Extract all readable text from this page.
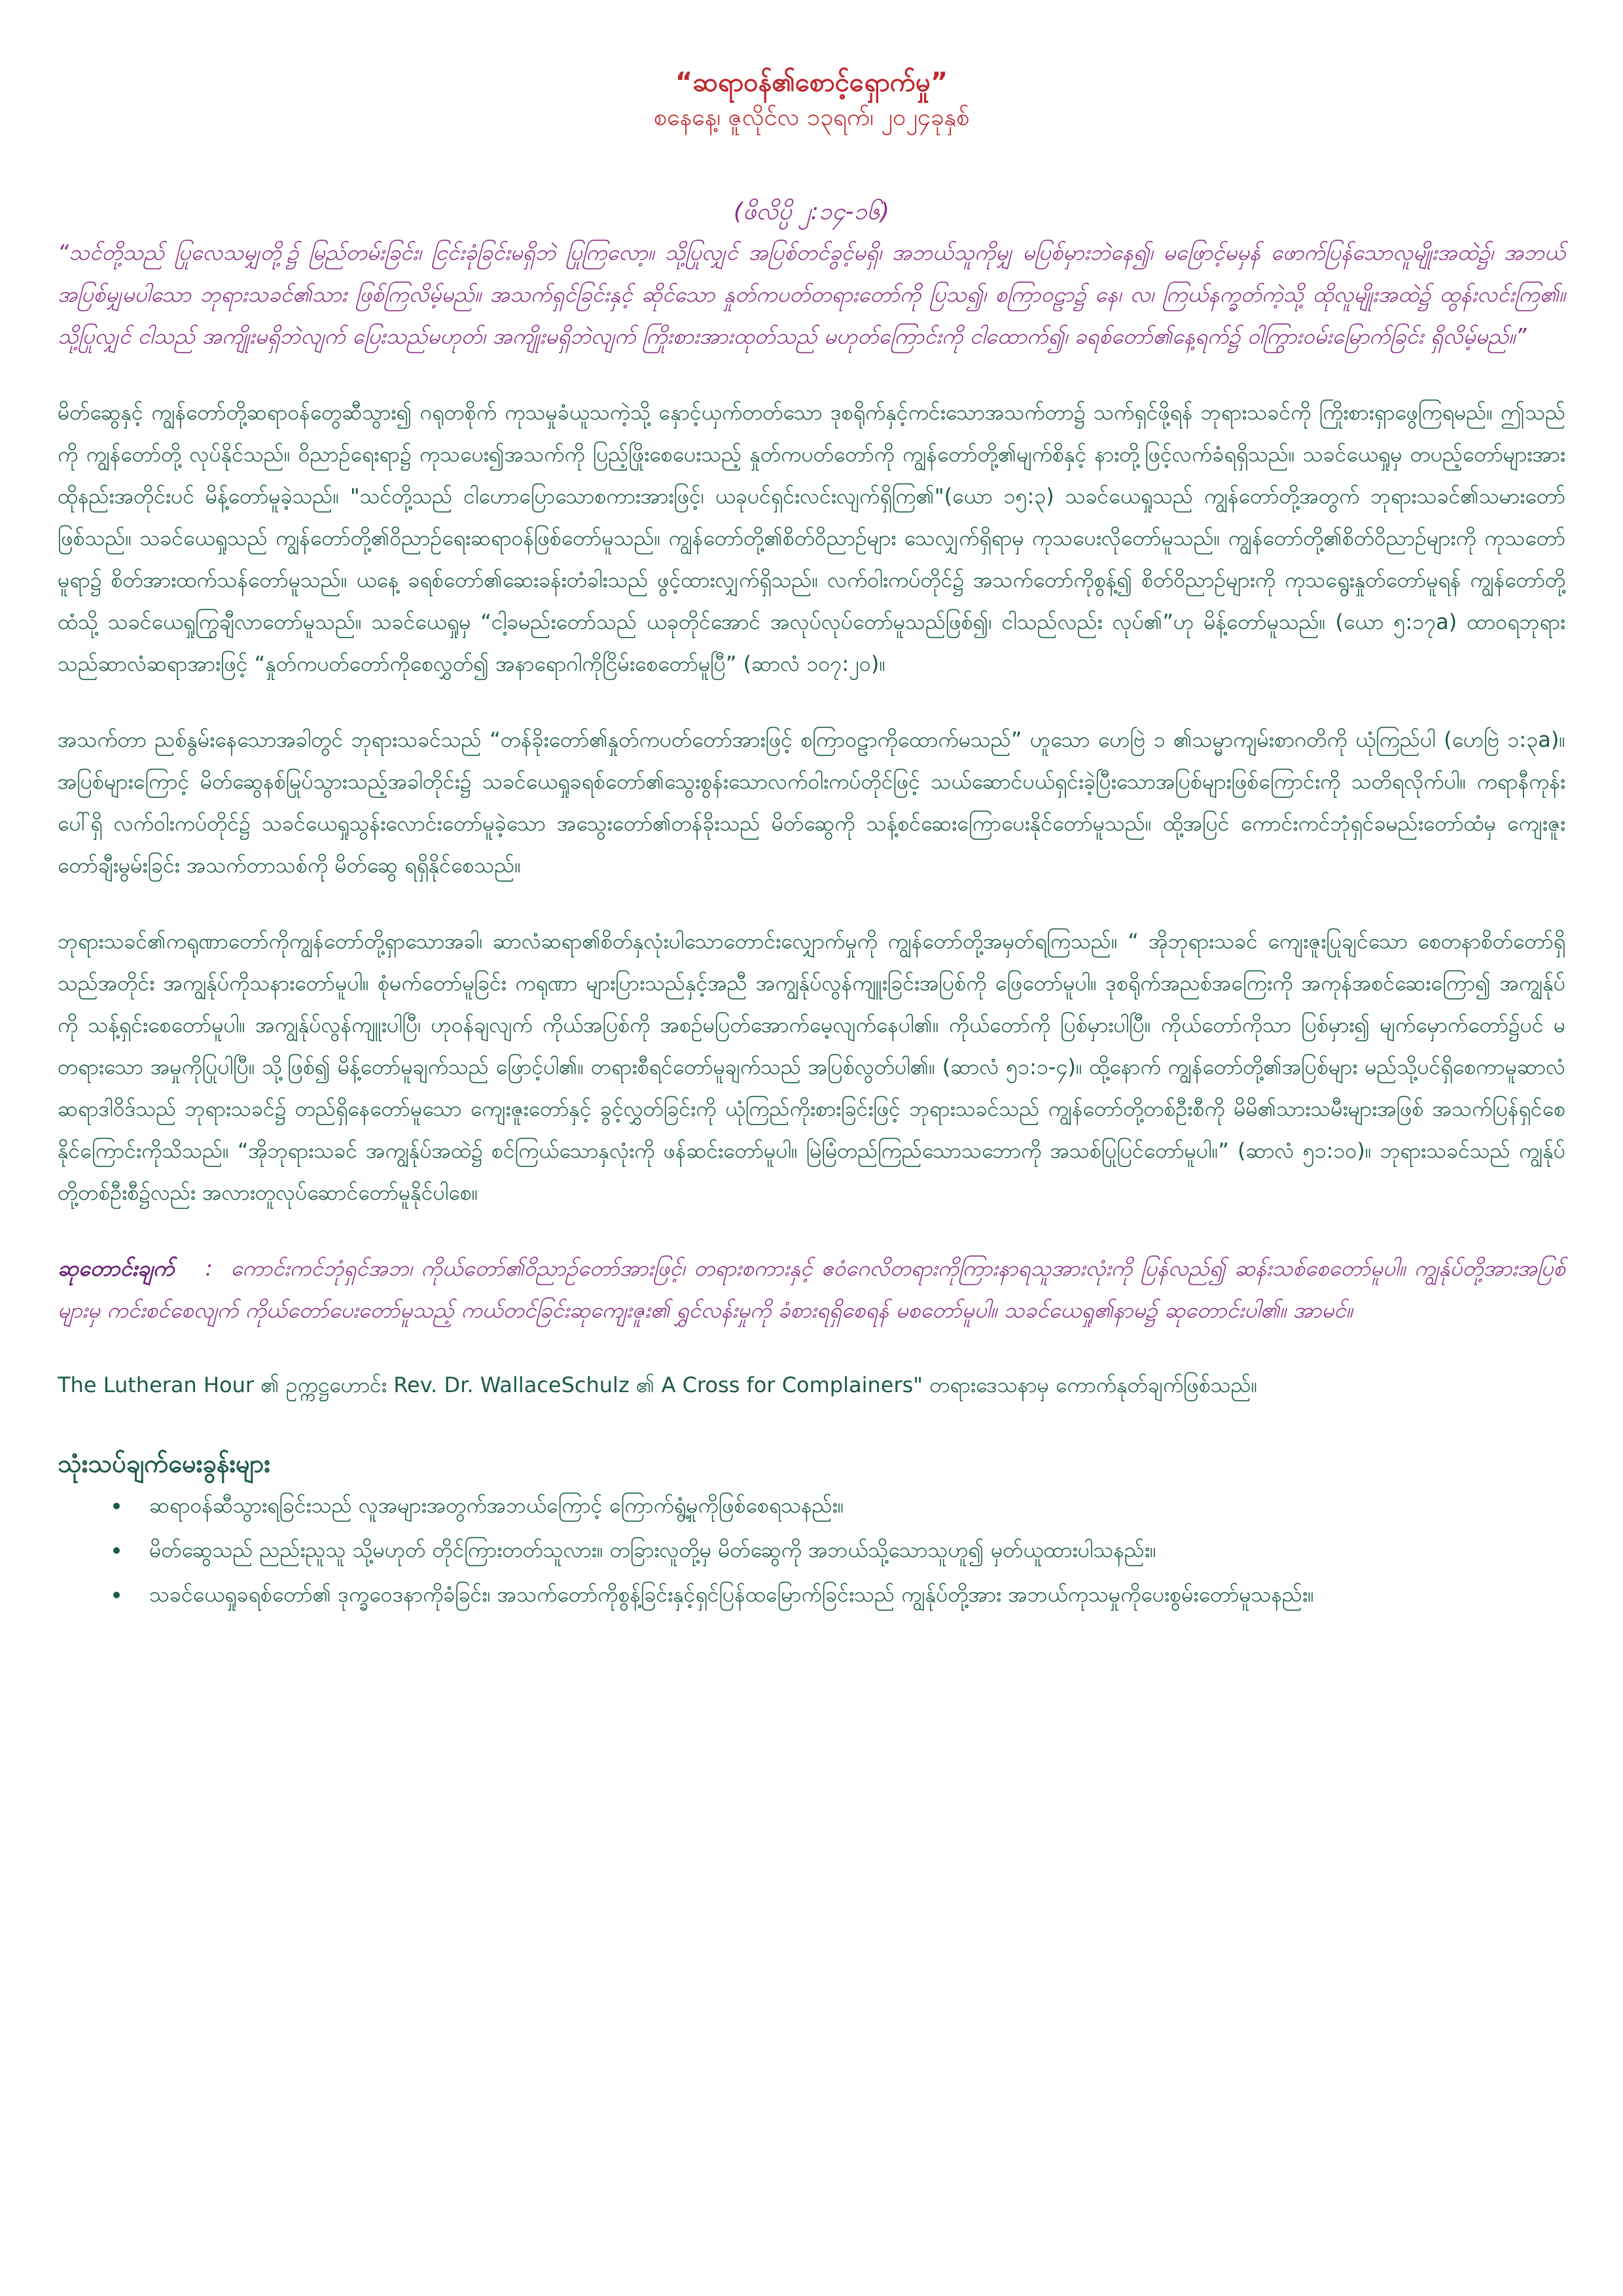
“ဆရာဝန်၏စောင့်ရှောက်မှု”

စနေနေ့၊ ဇူလိုင်လ ၁၃ရက်၊ ၂၀၂၄ခုနှစ်

(ဖိလိပ္ပိ ၂:၁၄-၁၆)

“သင်တို့သည် ပြုလေသမျှတို့၌ မြည်တမ်းခြင်း၊ ငြင်းခုံခြင်းမရှိဘဲ ပြုကြလော့။ သို့ပြုလျှင် အပြစ်တင်ခွင့်မရှိ၊ အဘယ်သူကိုမျှ မပြစ်မှားဘဲနေ၍၊ မဖြောင့်မမှန် ဖောက်ပြန်သောလူမျိုးအထဲ၌၊ အဘယ်အပြစ်မျှမပါသော ဘုရားသခင်၏သား ဖြစ်ကြလိမ့်မည်။ အသက်ရှင်ခြင်းနှင့် ဆိုင်သော နှုတ်ကပတ်တရားတော်ကို ပြသ၍၊ စကြာဝဠာ၌ နေ၊ လ၊ ကြယ်နက္ခတ်ကဲ့သို့ ထိုလူမျိုးအထဲ၌ ထွန်းလင်းကြ၏။ သို့ပြုလျှင် ငါသည် အကျိုးမရှိဘဲလျက် ပြေးသည်မဟုတ်၊ အကျိုးမရှိဘဲလျက် ကြိုးစားအားထုတ်သည် မဟုတ်ကြောင်းကို ငါထောက်၍၊ ခရစ်တော်၏နေ့ရက်၌ ဝါကြွားဝမ်းမြောက်ခြင်း ရှိလိမ့်မည်။”

မိတ်ဆွေနှင့် ကျွန်တော်တို့ဆရာဝန်တွေဆီသွား၍ ဂရုတစိုက် ကုသမှုခံယူသကဲ့သို့ နှောင့်ယှက်တတ်သော ဒုစရိုက်နှင့်ကင်းသောအသက်တာ၌ သက်ရှင်ဖို့ရန် ဘုရားသခင်ကို ကြိုးစားရှာဖွေကြရမည်။ ဤသည်ကို ကျွန်တော်တို့ လုပ်နိုင်သည်။ ဝိညာဉ်ရေးရာ၌ ကုသပေး၍အသက်ကို ပြည့်ဖြိုးစေပေးသည့် နှုတ်ကပတ်တော်ကို ကျွန်တော်တို့၏မျက်စိနှင့် နားတို့ဖြင့်လက်ခံရရှိသည်။ သခင်ယေရှုမှ တပည့်တော်များအား ထိုနည်းအတိုင်းပင် မိန့်တော်မူခဲ့သည်။ "သင်တို့သည် ငါဟောပြောသောစကားအားဖြင့်၊ ယခုပင်ရှင်းလင်းလျက်ရှိကြ၏"(ယော ၁၅:၃) သခင်ယေရှုသည် ကျွန်တော်တို့အတွက် ဘုရားသခင်၏သမားတော်ဖြစ်သည်။ သခင်ယေရှုသည် ကျွန်တော်တို့၏ဝိညာဉ်ရေးဆရာဝန်ဖြစ်တော်မူသည်။ ကျွန်တော်တို့၏စိတ်ဝိညာဉ်များ သေလျှက်ရှိရာမှ ကုသပေးလိုတော်မူသည်။ ကျွန်တော်တို့၏စိတ်ဝိညာဉ်များကို ကုသတော်မူရာ၌ စိတ်အားထက်သန်တော်မူသည်။ ယနေ့ ခရစ်တော်၏ဆေးခန်းတံခါးသည် ဖွင့်ထားလျှက်ရှိသည်။ လက်ဝါးကပ်တိုင်၌ အသက်တော်ကိုစွန့်၍ စိတ်ဝိညာဉ်များကို ကုသရွေးနှုတ်တော်မူရန် ကျွန်တော်တို့ထံသို့ သခင်ယေရှုကြွချီလာတော်မူသည်။ သခင်ယေရှုမှ “ငါ့ခမည်းတော်သည် ယခုတိုင်အောင် အလုပ်လုပ်တော်မူသည်ဖြစ်၍၊ ငါသည်လည်း လုပ်၏”ဟု မိန့်တော်မူသည်။ (ယော ၅:၁၇a) ထာဝရဘုရားသည်ဆာလံဆရာအားဖြင့် “နှုတ်ကပတ်တော်ကိုစေလွှတ်၍ အနာရောဂါကိုငြိမ်းစေတော်မူပြီ” (ဆာလံ ၁၀၇:၂၀)။

အသက်တာ ညစ်နွမ်းနေသောအခါတွင် ဘုရားသခင်သည် “တန်ခိုးတော်၏နှုတ်ကပတ်တော်အားဖြင့် စကြာဝဠာကိုထောက်မသည်” ဟူသော ဟေဗြဲ ၁ ၏သမ္မာကျမ်းစာဂတိကို ယုံကြည်ပါ (ဟေဗြဲ ၁:၃a)။ အပြစ်များကြောင့် မိတ်ဆွေနစ်မြုပ်သွားသည့်အခါတိုင်း၌ သခင်ယေရှုခရစ်တော်၏သွေးစွန်းသောလက်ဝါးကပ်တိုင်ဖြင့် သယ်ဆောင်ပယ်ရှင်းခဲ့ပြီးသောအပြစ်များဖြစ်ကြောင်းကို သတိရလိုက်ပါ။ ကရာနီကုန်းပေါ်ရှိ လက်ဝါးကပ်တိုင်၌ သခင်ယေရှုသွန်းလောင်းတော်မူခဲ့သော အသွေးတော်၏တန်ခိုးသည် မိတ်ဆွေကို သန့်စင်ဆေးကြောပေးနိုင်တော်မူသည်။ ထို့အပြင် ကောင်းကင်ဘုံရှင်ခမည်းတော်ထံမှ ကျေးဇူးတော်ချီးမွမ်းခြင်း အသက်တာသစ်ကို မိတ်ဆွေ ရရှိနိုင်စေသည်။

ဘုရားသခင်၏ကရုဏာတော်ကိုကျွန်တော်တို့ရှာသောအခါ၊ ဆာလံဆရာ၏စိတ်နှလုံးပါသောတောင်းလျှောက်မှုကို ကျွန်တော်တို့အမှတ်ရကြသည်။ “ အိုဘုရားသခင် ကျေးဇူးပြုချင်သော စေတနာစိတ်တော်ရှိသည်အတိုင်း အကျွန်ုပ်ကိုသနားတော်မူပါ။ စုံမက်တော်မူခြင်း ကရုဏာ များပြားသည်နှင့်အညီ အကျွန်ုပ်လွန်ကျူးခြင်းအပြစ်ကို ဖြေတော်မူပါ။ ဒုစရိုက်အညစ်အကြေးကို အကုန်အစင်ဆေးကြော၍ အကျွန်ုပ်ကို သန့်ရှင်းစေတော်မူပါ။ အကျွန်ုပ်လွန်ကျူးပါပြီ၊ ဟုဝန်ချလျက် ကိုယ်အပြစ်ကို အစဉ်မပြတ်အောက်မေ့လျက်နေပါ၏။ ကိုယ်တော်ကို ပြစ်မှားပါပြီ။ ကိုယ်တော်ကိုသာ ပြစ်မှား၍ မျက်မှောက်တော်၌ပင် မတရားသော အမှုကိုပြုပါပြီ။ သို့ဖြစ်၍ မိန့်တော်မူချက်သည် ဖြောင့်ပါ၏။ တရားစီရင်တော်မူချက်သည် အပြစ်လွတ်ပါ၏။ (ဆာလံ ၅၁:၁-၄)။ ထို့နောက် ကျွန်တော်တို့၏အပြစ်များ မည်သို့ပင်ရှိစေကာမူဆာလံဆရာဒါဝိဒ်သည် ဘုရားသခင်၌ တည်ရှိနေတော်မူသော ကျေးဇူးတော်နှင့် ခွင့်လွှတ်ခြင်းကို ယုံကြည်ကိုးစားခြင်းဖြင့် ဘုရားသခင်သည် ကျွန်တော်တို့တစ်ဦးစီကို မိမိ၏သားသမီးများအဖြစ် အသက်ပြန်ရှင်စေနိုင်ကြောင်းကိုသိသည်။ “အိုဘုရားသခင် အကျွန်ုပ်အထဲ၌ စင်ကြယ်သောနှလုံးကို ဖန်ဆင်းတော်မူပါ။ မြဲမြံတည်ကြည်သောသဘောကို အသစ်ပြုပြင်တော်မူပါ။” (ဆာလံ ၅၁:၁၀)။ ဘုရားသခင်သည် ကျွန်ုပ်တို့တစ်ဦးစီ၌လည်း အလားတူလုပ်ဆောင်တော်မူနိုင်ပါစေ။

ဆုတောင်းချက် : ကောင်းကင်ဘုံရှင်အဘ၊ ကိုယ်တော်၏ဝိညာဉ်တော်အားဖြင့်၊ တရားစကားနှင့် ဧဝံဂေလိတရားကိုကြားနာရသူအားလုံးကို ပြန်လည်၍ ဆန်းသစ်စေတော်မူပါ။ ကျွန်ုပ်တို့အားအပြစ်များမှ ကင်းစင်စေလျက် ကိုယ်တော်ပေးတော်မူသည့် ကယ်တင်ခြင်းဆုကျေးဇူး၏ ရွှင်လန်းမှုကို ခံစားရရှိစေရန် မစတော်မူပါ။ သခင်ယေရှု၏နာမ၌ ဆုတောင်းပါ၏။ အာမင်။

The Lutheran Hour ၏ ဥက္ကဋ္ဌဟောင်း Rev. Dr. WallaceSchulz ၏ A Cross for Complainers" တရားဒေသနာမှ ကောက်နုတ်ချက်ဖြစ်သည်။

သုံးသပ်ချက်မေးခွန်းများ
• ဆရာဝန်ဆီသွားရခြင်းသည် လူအများအတွက်အဘယ်ကြောင့် ကြောက်ရွံ့မှုကိုဖြစ်စေရသနည်း။
• မိတ်ဆွေသည် ညည်းညူသူ သို့မဟုတ် တိုင်ကြားတတ်သူလား။ တခြားလူတို့မှ မိတ်ဆွေကို အဘယ်သို့သောသူဟူ၍ မှတ်ယူထားပါသနည်း။
• သခင်ယေရှုခရစ်တော်၏ ဒုက္ခဝေဒနာကိုခံခြင်း၊ အသက်တော်ကိုစွန့်ခြင်းနှင့်ရှင်ပြန်ထမြောက်ခြင်းသည် ကျွန်ုပ်တို့အား အဘယ်ကုသမှုကိုပေးစွမ်းတော်မူသနည်း။
